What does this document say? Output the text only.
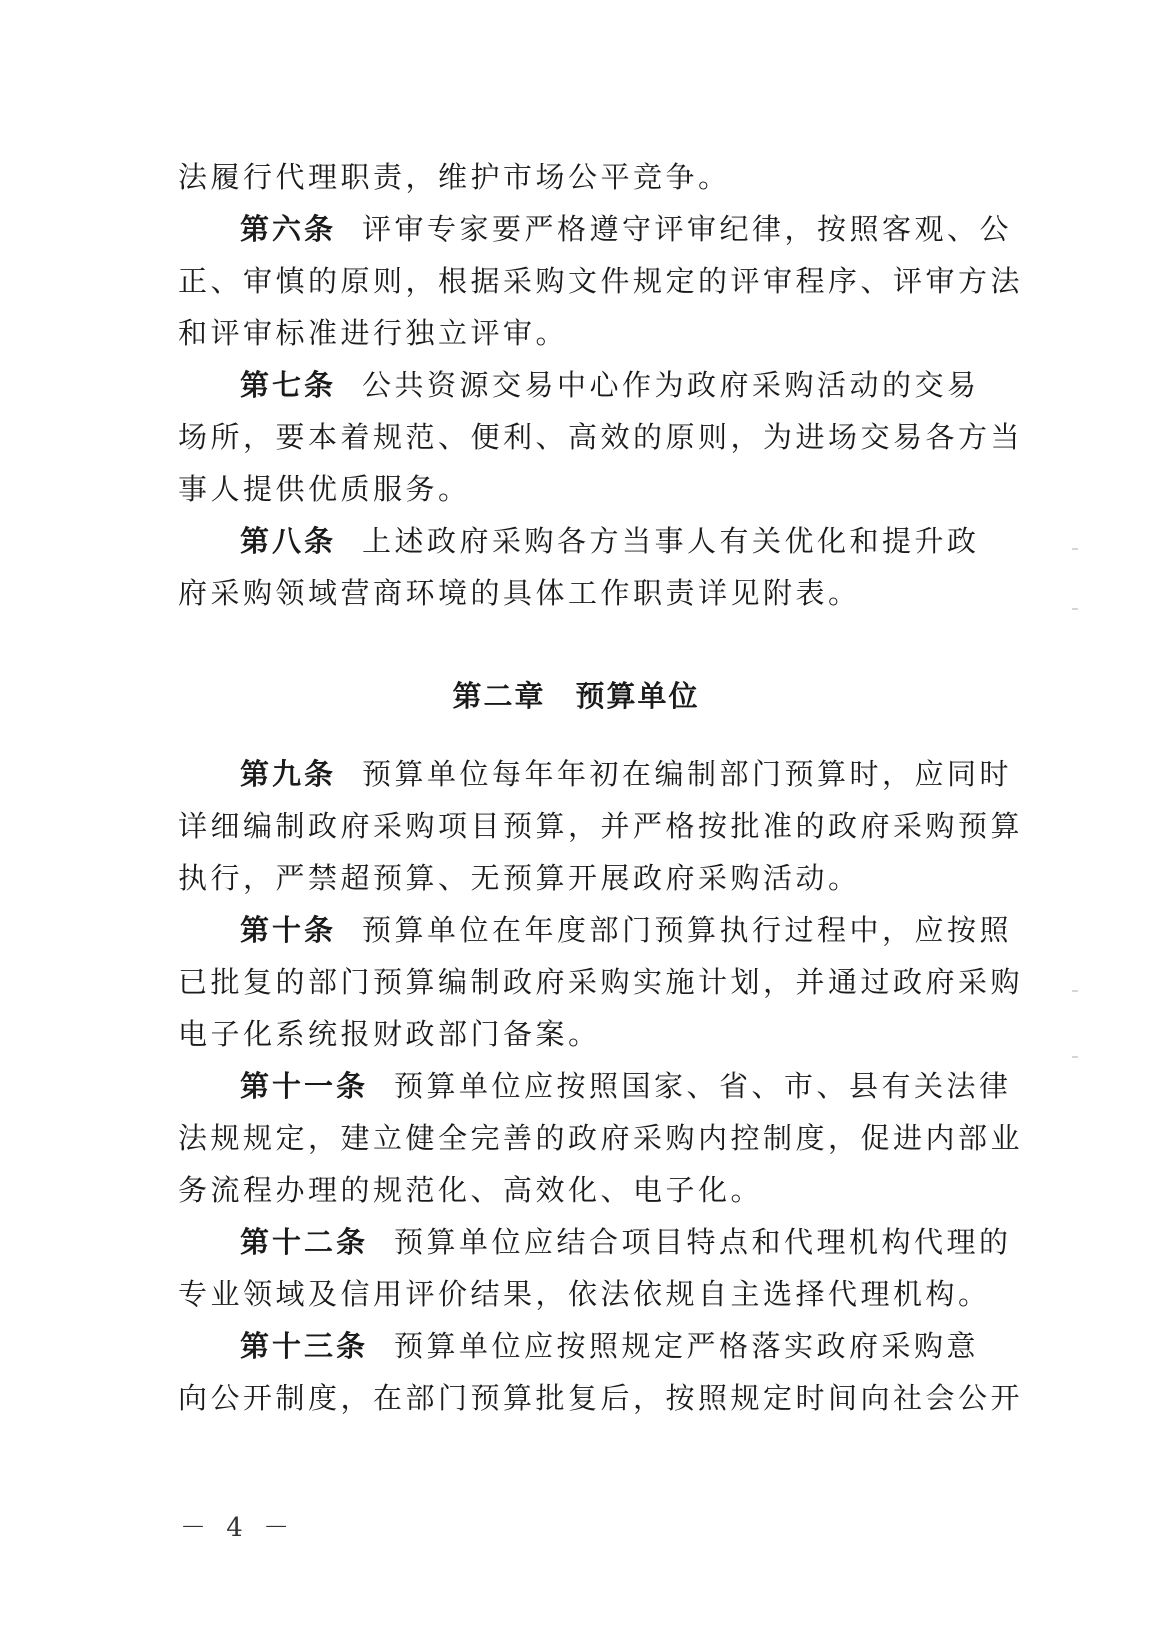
法履行代理职责，维护市场公平竞争。
第六条 评审专家要严格遵守评审纪律，按照客观、公
正、审慎的原则，根据采购文件规定的评审程序、评审方法
和评审标准进行独立评审。
第七条 公共资源交易中心作为政府采购活动的交易
场所，要本着规范、便利、高效的原则，为进场交易各方当
事人提供优质服务。
第八条 上述政府采购各方当事人有关优化和提升政
府采购领域营商环境的具体工作职责详见附表。
第二章 预算单位
第九条 预算单位每年年初在编制部门预算时，应同时
详细编制政府采购项目预算，并严格按批准的政府采购预算
执行，严禁超预算、无预算开展政府采购活动。
第十条 预算单位在年度部门预算执行过程中，应按照
已批复的部门预算编制政府采购实施计划，并通过政府采购
电子化系统报财政部门备案。
第十一条 预算单位应按照国家、省、市、县有关法律
法规规定，建立健全完善的政府采购内控制度，促进内部业
务流程办理的规范化、高效化、电子化。
第十二条 预算单位应结合项目特点和代理机构代理的
专业领域及信用评价结果，依法依规自主选择代理机构。
第十三条 预算单位应按照规定严格落实政府采购意
向公开制度，在部门预算批复后，按照规定时间向社会公开
－ 4 －
